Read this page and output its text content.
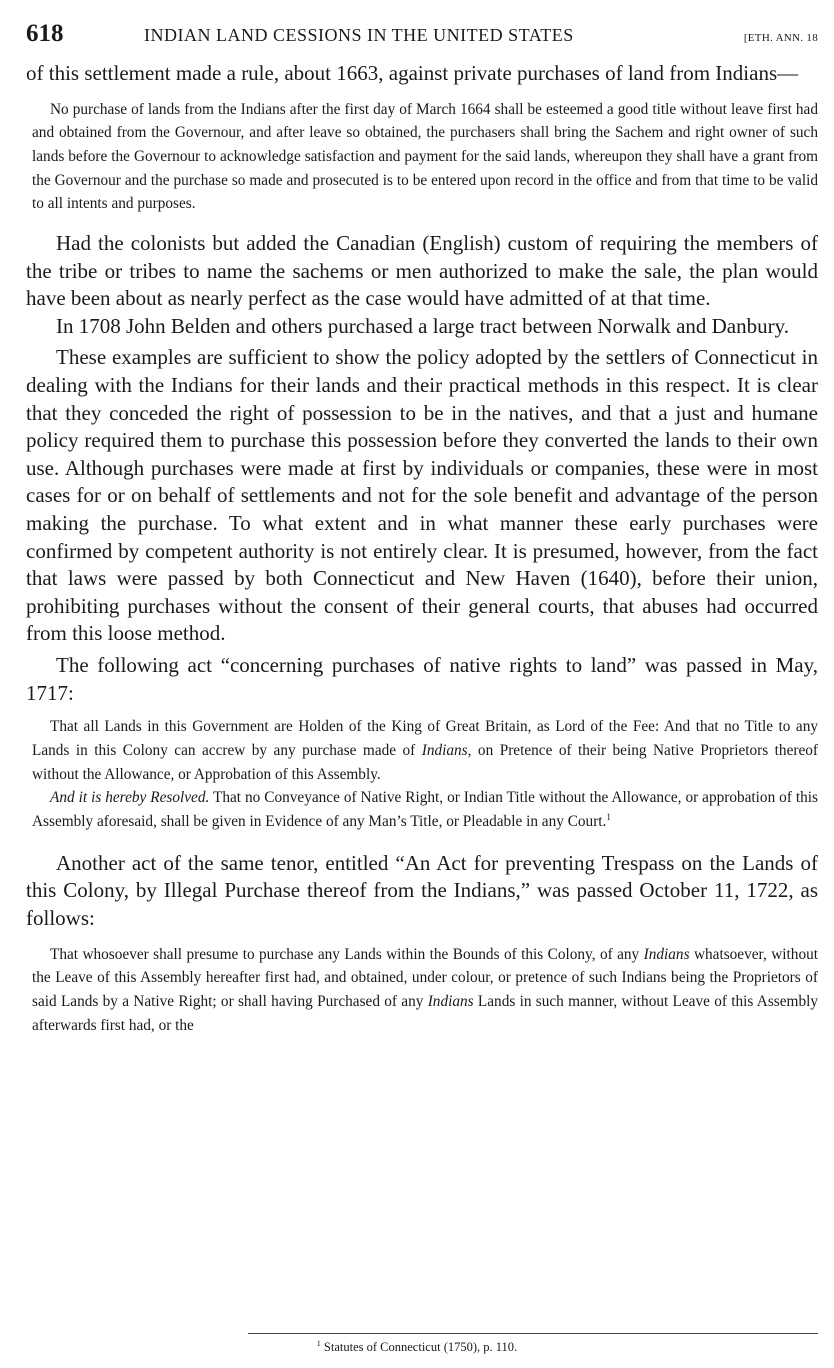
618	INDIAN LAND CESSIONS IN THE UNITED STATES	[ETH. ANN. 18

of this settlement made a rule, about 1663, against private purchases of land from Indians—

No purchase of lands from the Indians after the first day of March 1664 shall be esteemed a good title without leave first had and obtained from the Governour, and after leave so obtained, the purchasers shall bring the Sachem and right owner of such lands before the Governour to acknowledge satisfaction and payment for the said lands, whereupon they shall have a grant from the Governour and the purchase so made and prosecuted is to be entered upon record in the office and from that time to be valid to all intents and purposes.

Had the colonists but added the Canadian (English) custom of requiring the members of the tribe or tribes to name the sachems or men authorized to make the sale, the plan would have been about as nearly perfect as the case would have admitted of at that time.

In 1708 John Belden and others purchased a large tract between Norwalk and Danbury.

These examples are sufficient to show the policy adopted by the settlers of Connecticut in dealing with the Indians for their lands and their practical methods in this respect. It is clear that they conceded the right of possession to be in the natives, and that a just and humane policy required them to purchase this possession before they converted the lands to their own use. Although purchases were made at first by individuals or companies, these were in most cases for or on behalf of settlements and not for the sole benefit and advantage of the person making the purchase. To what extent and in what manner these early purchases were confirmed by competent authority is not entirely clear. It is presumed, however, from the fact that laws were passed by both Connecticut and New Haven (1640), before their union, prohibiting purchases without the consent of their general courts, that abuses had occurred from this loose method.

The following act “concerning purchases of native rights to land” was passed in May, 1717:

That all Lands in this Government are Holden of the King of Great Britain, as Lord of the Fee: And that no Title to any Lands in this Colony can accrew by any purchase made of Indians, on Pretence of their being Native Proprietors thereof without the Allowance, or Approbation of this Assembly.

And it is hereby Resolved. That no Conveyance of Native Right, or Indian Title without the Allowance, or approbation of this Assembly aforesaid, shall be given in Evidence of any Man’s Title, or Pleadable in any Court.$^1$

Another act of the same tenor, entitled “An Act for preventing Trespass on the Lands of this Colony, by Illegal Purchase thereof from the Indians,” was passed October 11, 1722, as follows:

That whosoever shall presume to purchase any Lands within the Bounds of this Colony, of any Indians whatsoever, without the Leave of this Assembly hereafter first had, and obtained, under colour, or pretence of such Indians being the Proprietors of said Lands by a Native Right; or shall having Purchased of any Indians Lands in such manner, without Leave of this Assembly afterwards first had, or the

$^1$ Statutes of Connecticut (1750), p. 110.
